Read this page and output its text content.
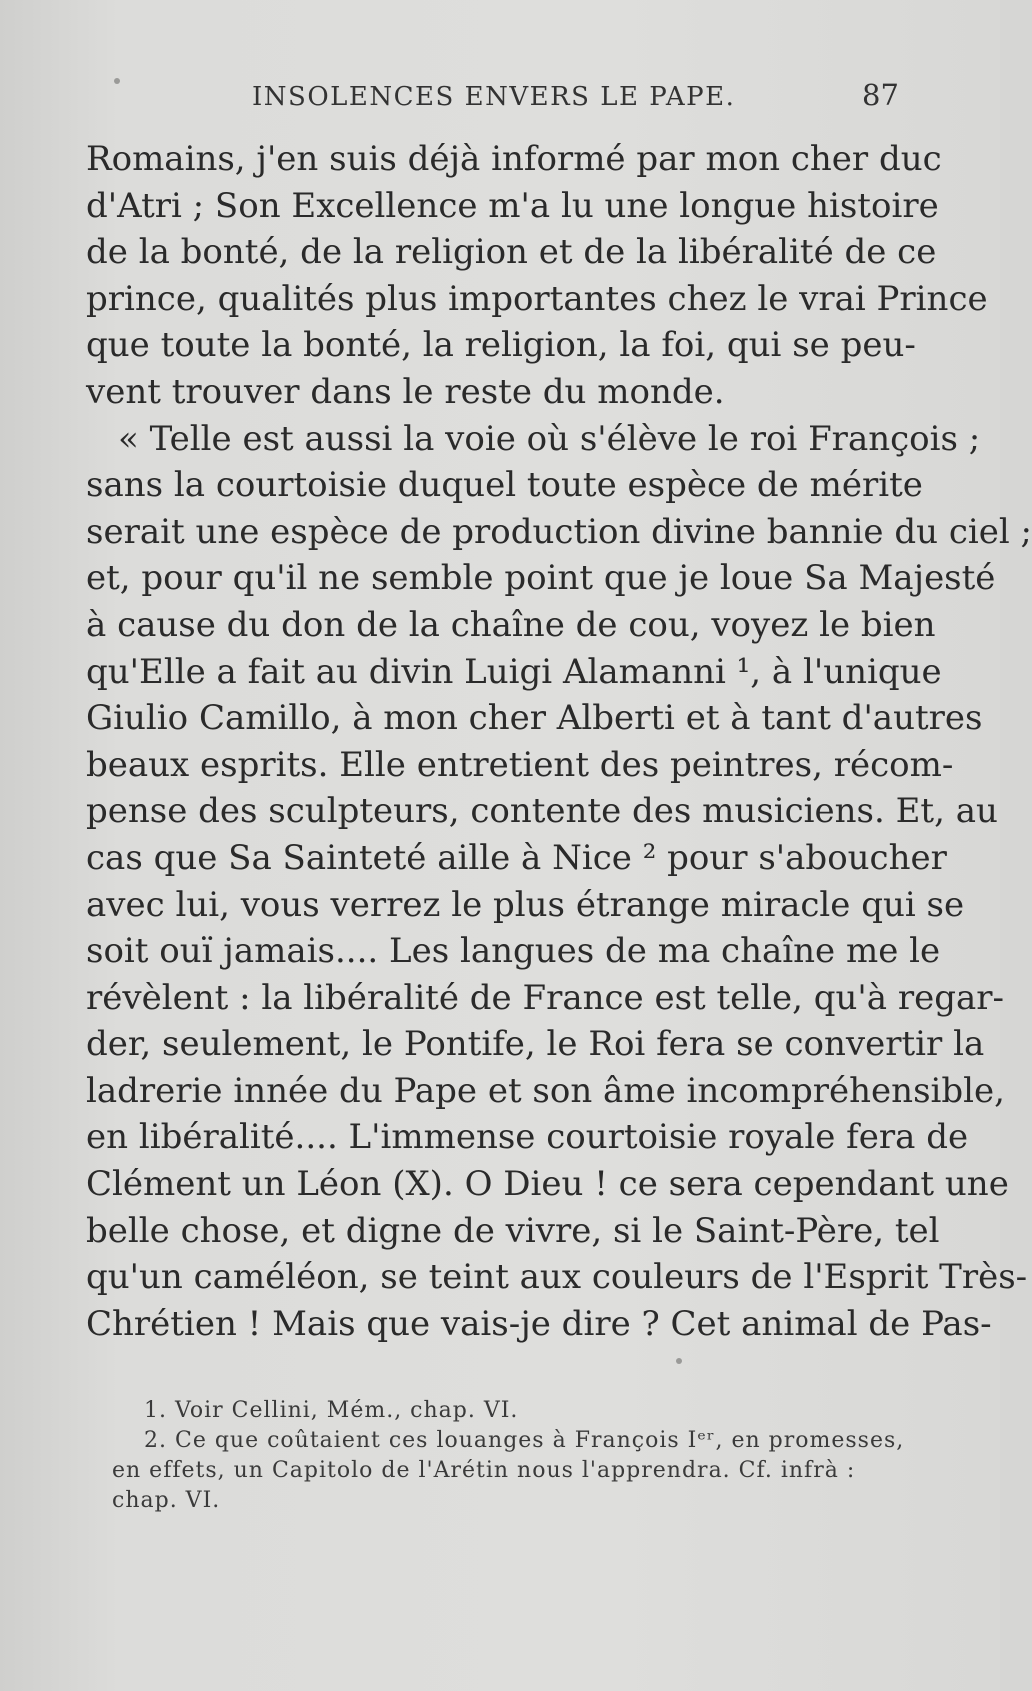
INSOLENCES ENVERS LE PAPE.	87
Romains, j'en suis déjà informé par mon cher duc
d'Atri ; Son Excellence m'a lu une longue histoire
de la bonté, de la religion et de la libéralité de ce
prince, qualités plus importantes chez le vrai Prince
que toute la bonté, la religion, la foi, qui se peu-
vent trouver dans le reste du monde.
« Telle est aussi la voie où s'élève le roi François ;
sans la courtoisie duquel toute espèce de mérite
serait une espèce de production divine bannie du ciel ;
et, pour qu'il ne semble point que je loue Sa Majesté
à cause du don de la chaîne de cou, voyez le bien
qu'Elle a fait au divin Luigi Alamanni ¹, à l'unique
Giulio Camillo, à mon cher Alberti et à tant d'autres
beaux esprits. Elle entretient des peintres, récom-
pense des sculpteurs, contente des musiciens. Et, au
cas que Sa Sainteté aille à Nice ² pour s'aboucher
avec lui, vous verrez le plus étrange miracle qui se
soit ouï jamais.... Les langues de ma chaîne me le
révèlent : la libéralité de France est telle, qu'à regar-
der, seulement, le Pontife, le Roi fera se convertir la
ladrerie innée du Pape et son âme incompréhensible,
en libéralité.... L'immense courtoisie royale fera de
Clément un Léon (X). O Dieu ! ce sera cependant une
belle chose, et digne de vivre, si le Saint-Père, tel
qu'un caméléon, se teint aux couleurs de l'Esprit Très-
Chrétien ! Mais que vais-je dire ? Cet animal de Pas-
1. Voir Cellini, Mém., chap. VI.
2. Ce que coûtaient ces louanges à François Iᵉʳ, en promesses,
en effets, un Capitolo de l'Arétin nous l'apprendra. Cf. infrà :
chap. VI.
